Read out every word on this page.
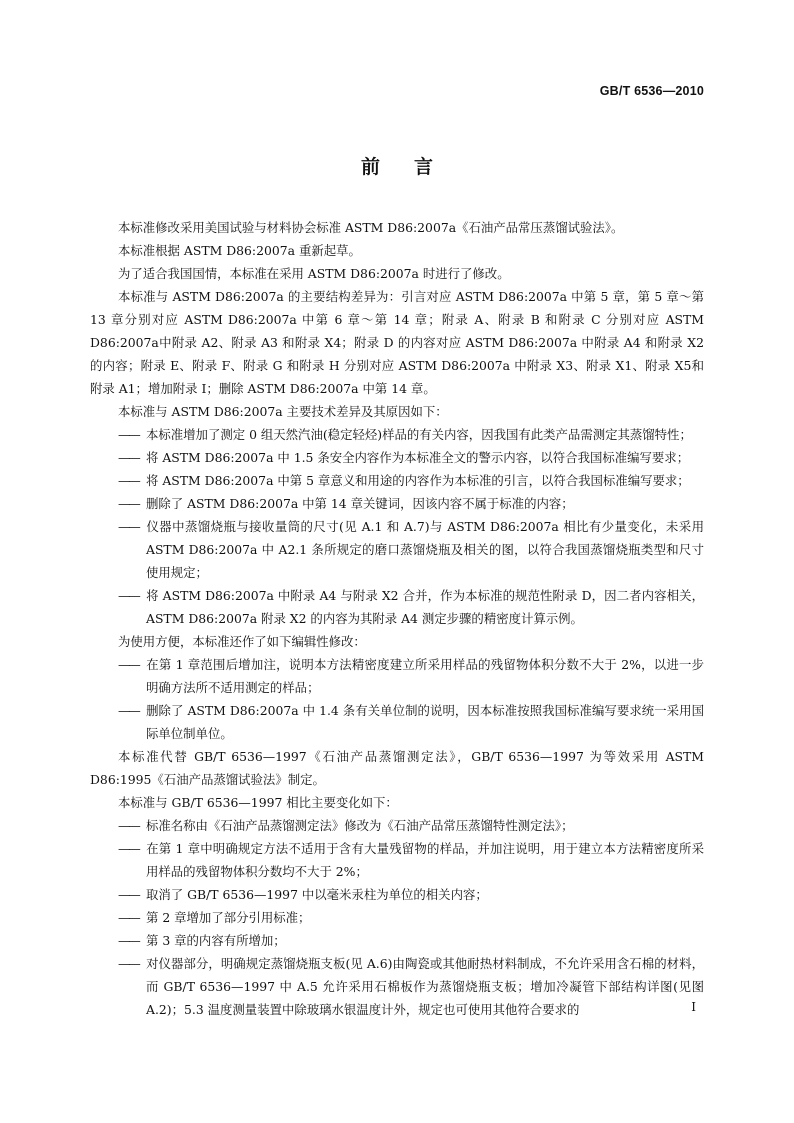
GB/T 6536—2010
前言

本标准修改采用美国试验与材料协会标准 ASTM D86:2007a《石油产品常压蒸馏试验法》。

本标准根据 ASTM D86:2007a 重新起草。

为了适合我国国情，本标准在采用 ASTM D86:2007a 时进行了修改。

本标准与 ASTM D86:2007a 的主要结构差异为：引言对应 ASTM D86:2007a 中第 5 章，第 5 章～第 13 章分别对应 ASTM D86:2007a 中第 6 章～第 14 章；附录 A、附录 B 和附录 C 分别对应 ASTM D86:2007a中附录 A2、附录 A3 和附录 X4；附录 D 的内容对应 ASTM D86:2007a 中附录 A4 和附录 X2 的内容；附录 E、附录 F、附录 G 和附录 H 分别对应 ASTM D86:2007a 中附录 X3、附录 X1、附录 X5和附录 A1；增加附录 I；删除 ASTM D86:2007a 中第 14 章。

本标准与 ASTM D86:2007a 主要技术差异及其原因如下：

—— 本标准增加了测定 0 组天然汽油(稳定轻烃)样品的有关内容，因我国有此类产品需测定其蒸馏特性；

—— 将 ASTM D86:2007a 中 1.5 条安全内容作为本标准全文的警示内容，以符合我国标准编写要求；

—— 将 ASTM D86:2007a 中第 5 章意义和用途的内容作为本标准的引言，以符合我国标准编写要求；

—— 删除了 ASTM D86:2007a 中第 14 章关键词，因该内容不属于标准的内容；

—— 仪器中蒸馏烧瓶与接收量筒的尺寸(见 A.1 和 A.7)与 ASTM D86:2007a 相比有少量变化，未采用 ASTM D86:2007a 中 A2.1 条所规定的磨口蒸馏烧瓶及相关的图，以符合我国蒸馏烧瓶类型和尺寸使用规定；

—— 将 ASTM D86:2007a 中附录 A4 与附录 X2 合并，作为本标准的规范性附录 D，因二者内容相关，ASTM D86:2007a 附录 X2 的内容为其附录 A4 测定步骤的精密度计算示例。

为使用方便，本标准还作了如下编辑性修改：

—— 在第 1 章范围后增加注，说明本方法精密度建立所采用样品的残留物体积分数不大于 2%，以进一步明确方法所不适用测定的样品；

—— 删除了 ASTM D86:2007a 中 1.4 条有关单位制的说明，因本标准按照我国标准编写要求统一采用国际单位制单位。

本标准代替 GB/T 6536—1997《石油产品蒸馏测定法》，GB/T 6536—1997 为等效采用 ASTM D86:1995《石油产品蒸馏试验法》制定。

本标准与 GB/T 6536—1997 相比主要变化如下：

—— 标准名称由《石油产品蒸馏测定法》修改为《石油产品常压蒸馏特性测定法》；

—— 在第 1 章中明确规定方法不适用于含有大量残留物的样品，并加注说明，用于建立本方法精密度所采用样品的残留物体积分数均不大于 2%；

—— 取消了 GB/T 6536—1997 中以毫米汞柱为单位的相关内容；

—— 第 2 章增加了部分引用标准；

—— 第 3 章的内容有所增加；

—— 对仪器部分，明确规定蒸馏烧瓶支板(见 A.6)由陶瓷或其他耐热材料制成，不允许采用含石棉的材料，而 GB/T 6536—1997 中 A.5 允许采用石棉板作为蒸馏烧瓶支板；增加冷凝管下部结构详图(见图 A.2)；5.3 温度测量装置中除玻璃水银温度计外，规定也可使用其他符合要求的	I
